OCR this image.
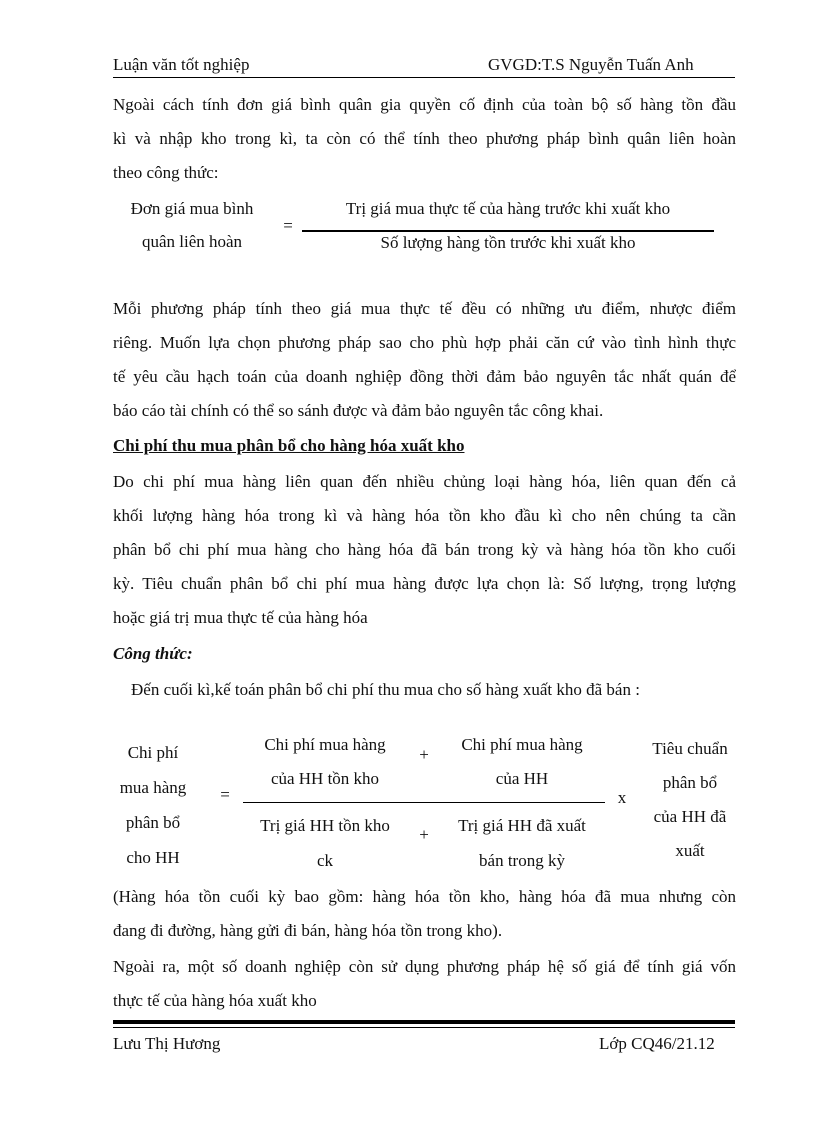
Luận văn tốt nghiệp	GVGD:T.S Nguyễn Tuấn Anh
Ngoài cách tính đơn giá bình quân gia quyền cố định của toàn bộ số hàng tồn đầu
kì và nhập kho trong kì, ta còn có thể tính theo phương pháp bình quân liên hoàn
theo công thức:
Đơn giá mua bình
quân liên hoàn
=
Trị giá mua thực tế của hàng trước khi xuất kho
Số lượng hàng tồn trước khi xuất kho
Mỗi phương pháp tính theo giá mua thực tế đều có những ưu điểm, nhược điểm
riêng. Muốn lựa chọn phương pháp sao cho phù hợp phải căn cứ vào tình hình thực
tế yêu cầu hạch toán của doanh nghiệp đồng thời đảm bảo nguyên tắc nhất quán để
báo cáo tài chính có thể so sánh được và đảm bảo nguyên tắc công khai.
Chi phí thu mua phân bổ cho hàng hóa xuất kho
Do chi phí mua hàng liên quan đến nhiều chủng loại hàng hóa, liên quan đến cả
khối lượng hàng hóa trong kì và hàng hóa tồn kho đầu kì cho nên chúng ta cần
phân bổ chi phí mua hàng cho hàng hóa đã bán trong kỳ và hàng hóa tồn kho cuối
kỳ. Tiêu chuẩn phân bổ chi phí mua hàng được lựa chọn là: Số lượng, trọng lượng
hoặc giá trị mua thực tế của hàng hóa
Công thức:
Đến cuối kì,kế toán phân bổ chi phí thu mua cho số hàng xuất kho đã bán :
Chi phí
mua hàng
phân bổ
cho HH
=
Chi phí mua hàng
của HH tồn kho
+
Chi phí mua hàng
của HH
Trị giá HH tồn kho
ck
+	Trị giá HH đã xuất
bán trong kỳ
x
Tiêu chuẩn
phân bổ
của HH đã
xuất
(Hàng hóa tồn cuối kỳ bao gồm: hàng hóa tồn kho, hàng hóa đã mua nhưng còn
đang đi đường, hàng gửi đi bán, hàng hóa tồn trong kho).
Ngoài ra, một số doanh nghiệp còn sử dụng phương pháp hệ số giá để tính giá vốn
thực tế của hàng hóa xuất kho
Lưu Thị Hương	Lớp CQ46/21.12
